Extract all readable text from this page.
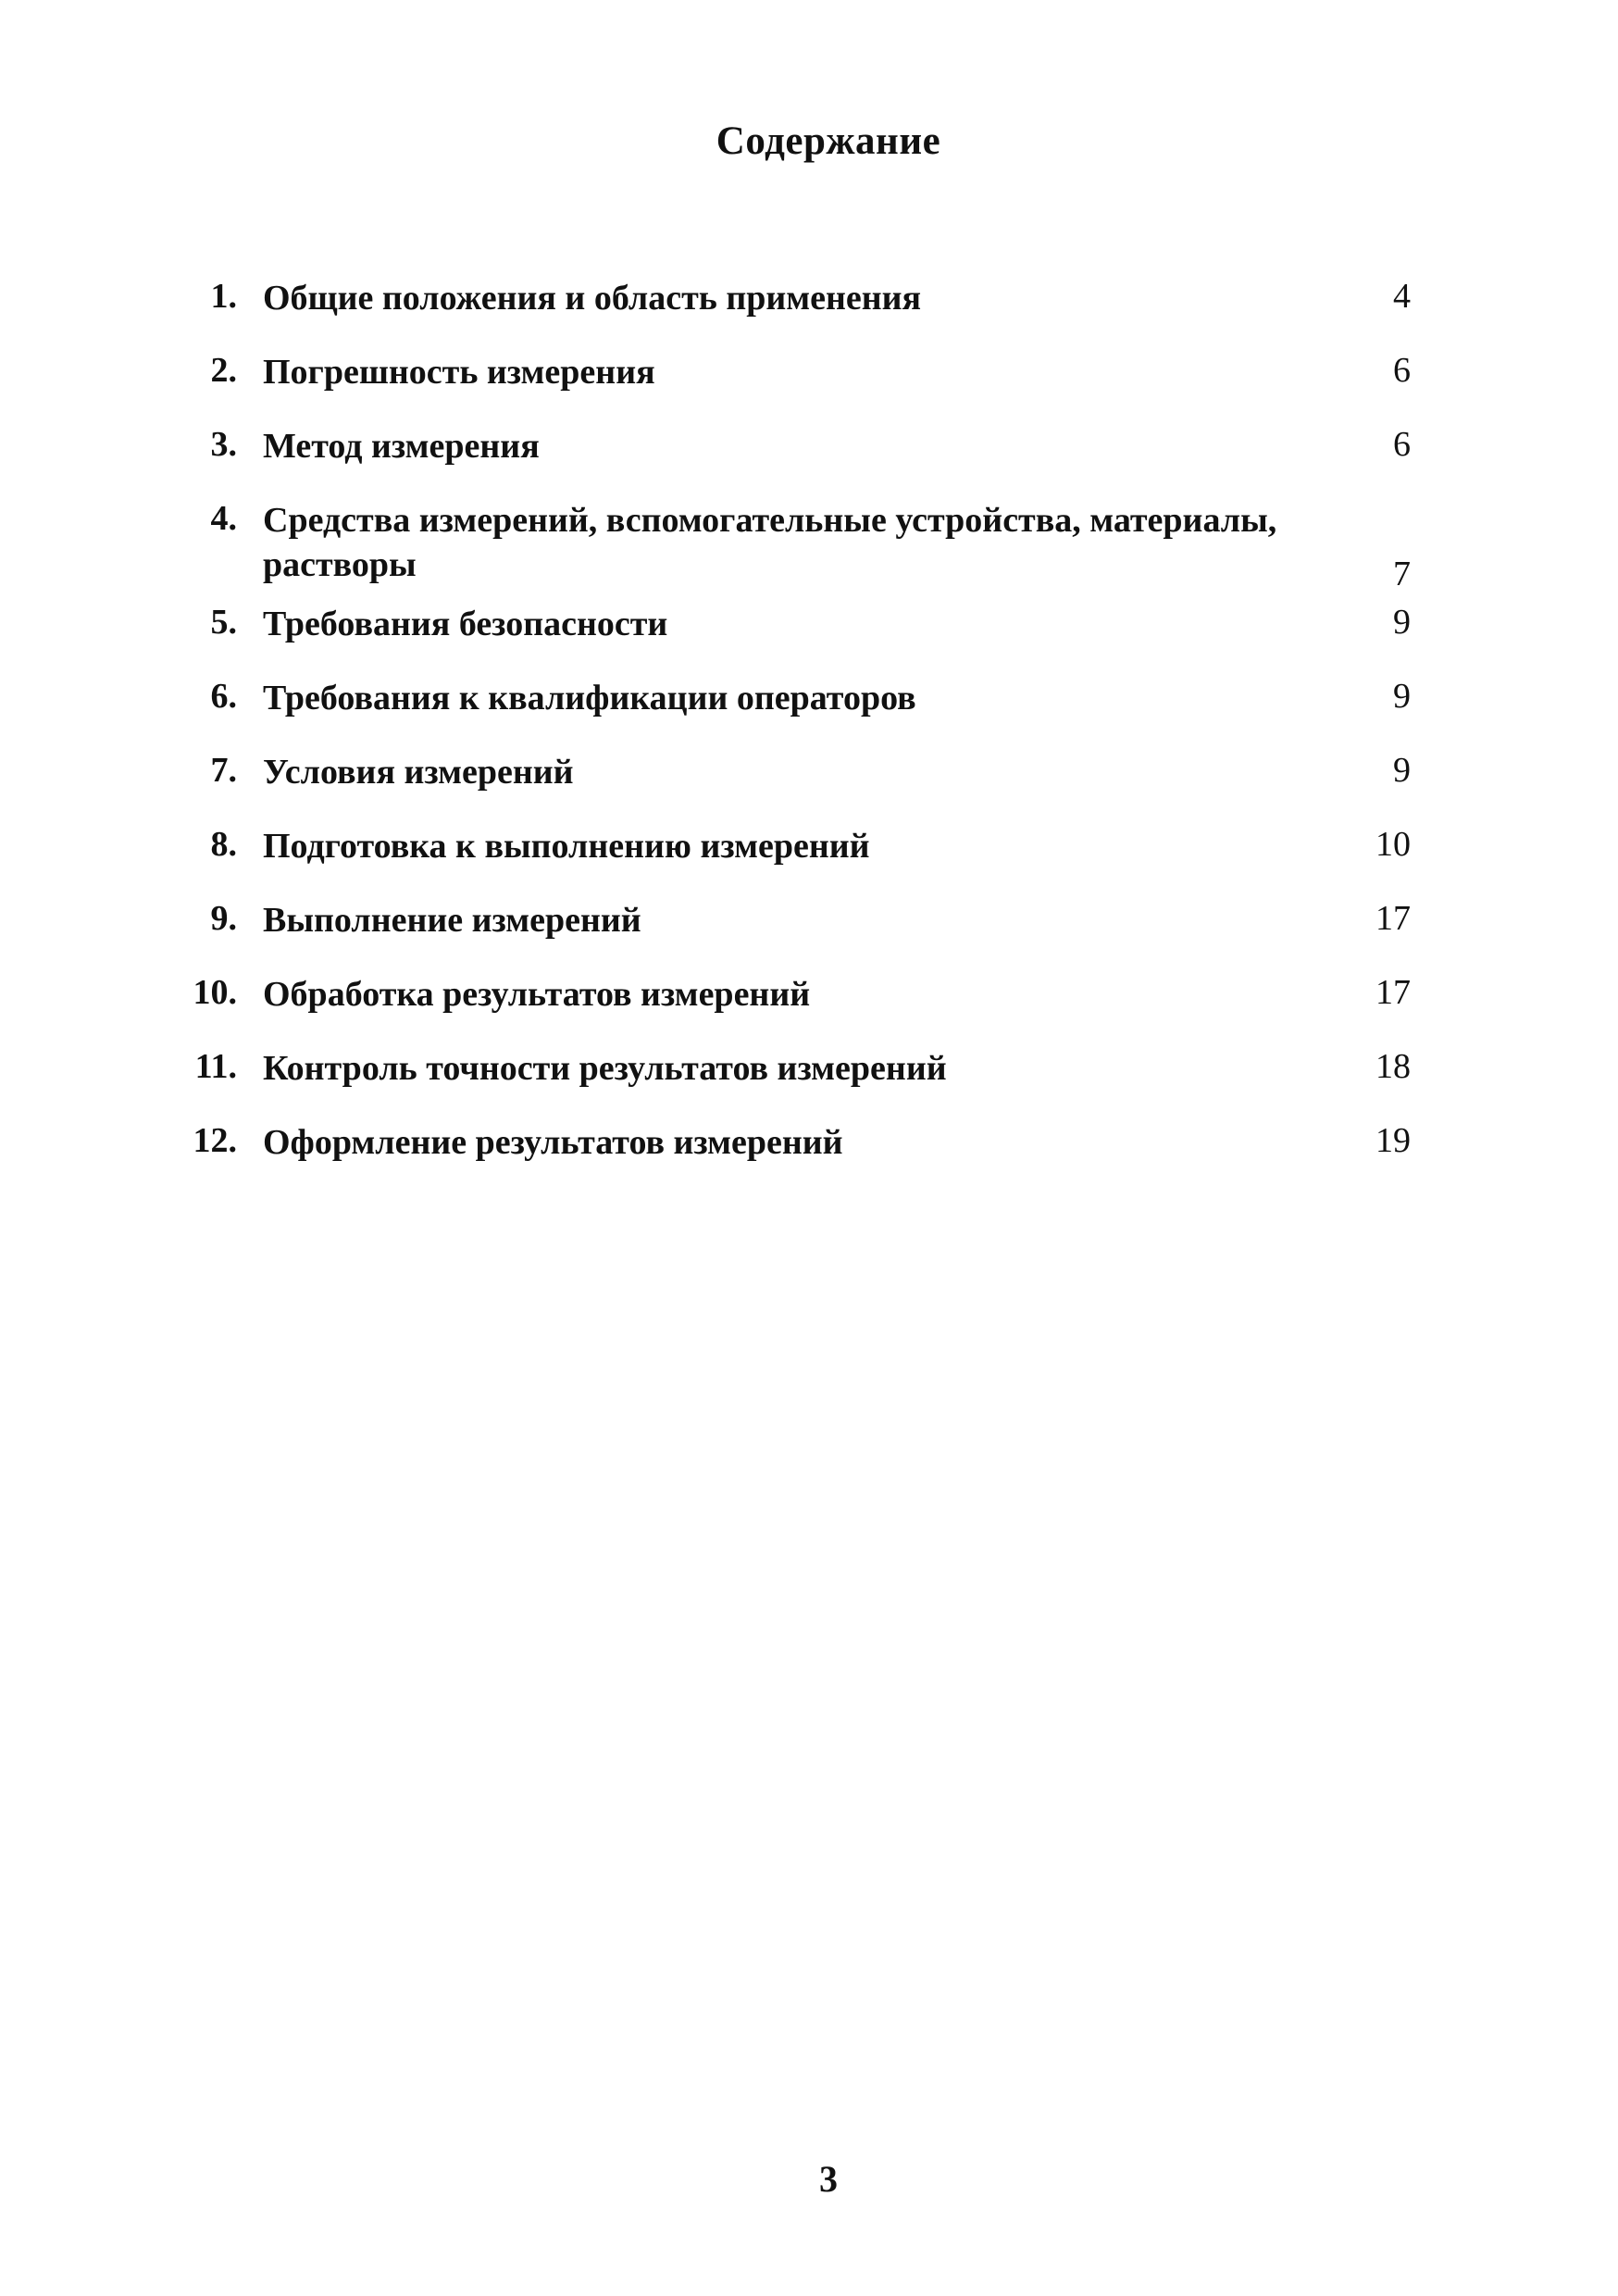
Содержание
1. Общие положения и область применения	4
2. Погрешность измерения	6
3. Метод измерения	6
4. Средства измерений, вспомогательные устройства, материалы, растворы	7
5. Требования безопасности	9
6. Требования к квалификации операторов	9
7. Условия измерений	9
8. Подготовка к выполнению измерений	10
9. Выполнение измерений	17
10. Обработка результатов измерений	17
11. Контроль точности результатов измерений	18
12. Оформление результатов измерений	19
3
